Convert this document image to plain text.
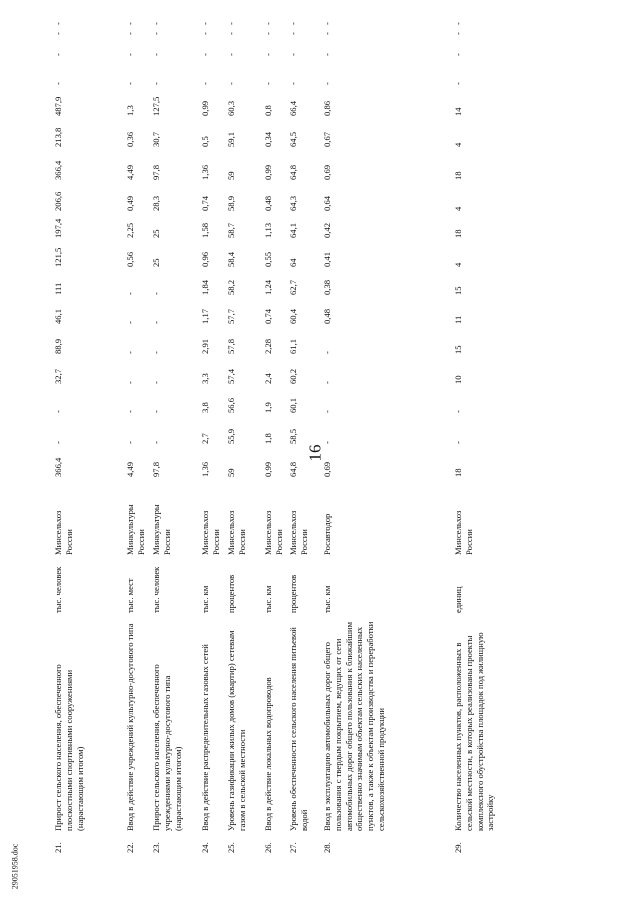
16
29051958.doc	21.
Прирост сельского населения, обеспеченного плоскостными спортивными сооружениями (нарастающим итогом)
тыс. человек
Минсельхоз России
366,4
-
-
32,7
88,9
46,1
111
121,5
197,4
206,6
366,4
213,8
487,9
-
-
-
-
22.
Ввод в действие учреждений культурно-досугового типа
тыс. мест
Минкультуры России
4,49
-
-
-
-
-
-
0,56
2,25
0,49
4,49
0,36
1,3
-
-
-
-
23.
Прирост сельского населения, обеспеченного учреждениями культурно-досугового типа (нарастающим итогом)
тыс. человек
Минкультуры России
97,8
-
-
-
-
-
-
25
25
28,3
97,8
30,7
127,5
-
-
-
-
24.
Ввод в действие распределительных газовых сетей
тыс. км
Минсельхоз России
1,36
2,7
3,8
3,3
2,91
1,17
1,84
0,96
1,58
0,74
1,36
0,5
0,99
-
-
-
-
25.
Уровень газификации жилых домов (квартир) сетевым газом в сельской местности
процентов
Минсельхоз России
59
55,9
56,6
57,4
57,8
57,7
58,2
58,4
58,7
58,9
59
59,1
60,3
-
-
-
-
26.
Ввод в действие локальных водопроводов
тыс. км
Минсельхоз России
0,99
1,8
1,9
2,4
2,28
0,74
1,24
0,55
1,13
0,48
0,99
0,34
0,8
-
-
-
-
27.
Уровень обеспеченности сельского населения питьевой водой
процентов
Минсельхоз России
64,8
58,5
60,1
60,2
61,1
60,4
62,7
64
64,1
64,3
64,8
64,5
66,4
-
-
-
-
28.
Ввод в эксплуатацию автомобильных дорог общего пользования с твердым покрытием, ведущих от сети автомобильных дорог общего пользования к ближайшим общественно значимым объектам сельских населенных пунктов, а также к объектам производства и переработки сельскохозяйственной продукции
тыс. км
Росавтодор
0,69
-
-
-
-
0,48
0,38
0,41
0,42
0,64
0,69
0,67
0,86
-
-
-
-
29.
Количество населенных пунктов, расположенных в сельской местности, в которых реализованы проекты комплексного обустройства площадок под жилищную застройку
единиц
Минсельхоз России
18
-
-
10
15
11
15
4
18
4
18
4
14
-
-
-
-
